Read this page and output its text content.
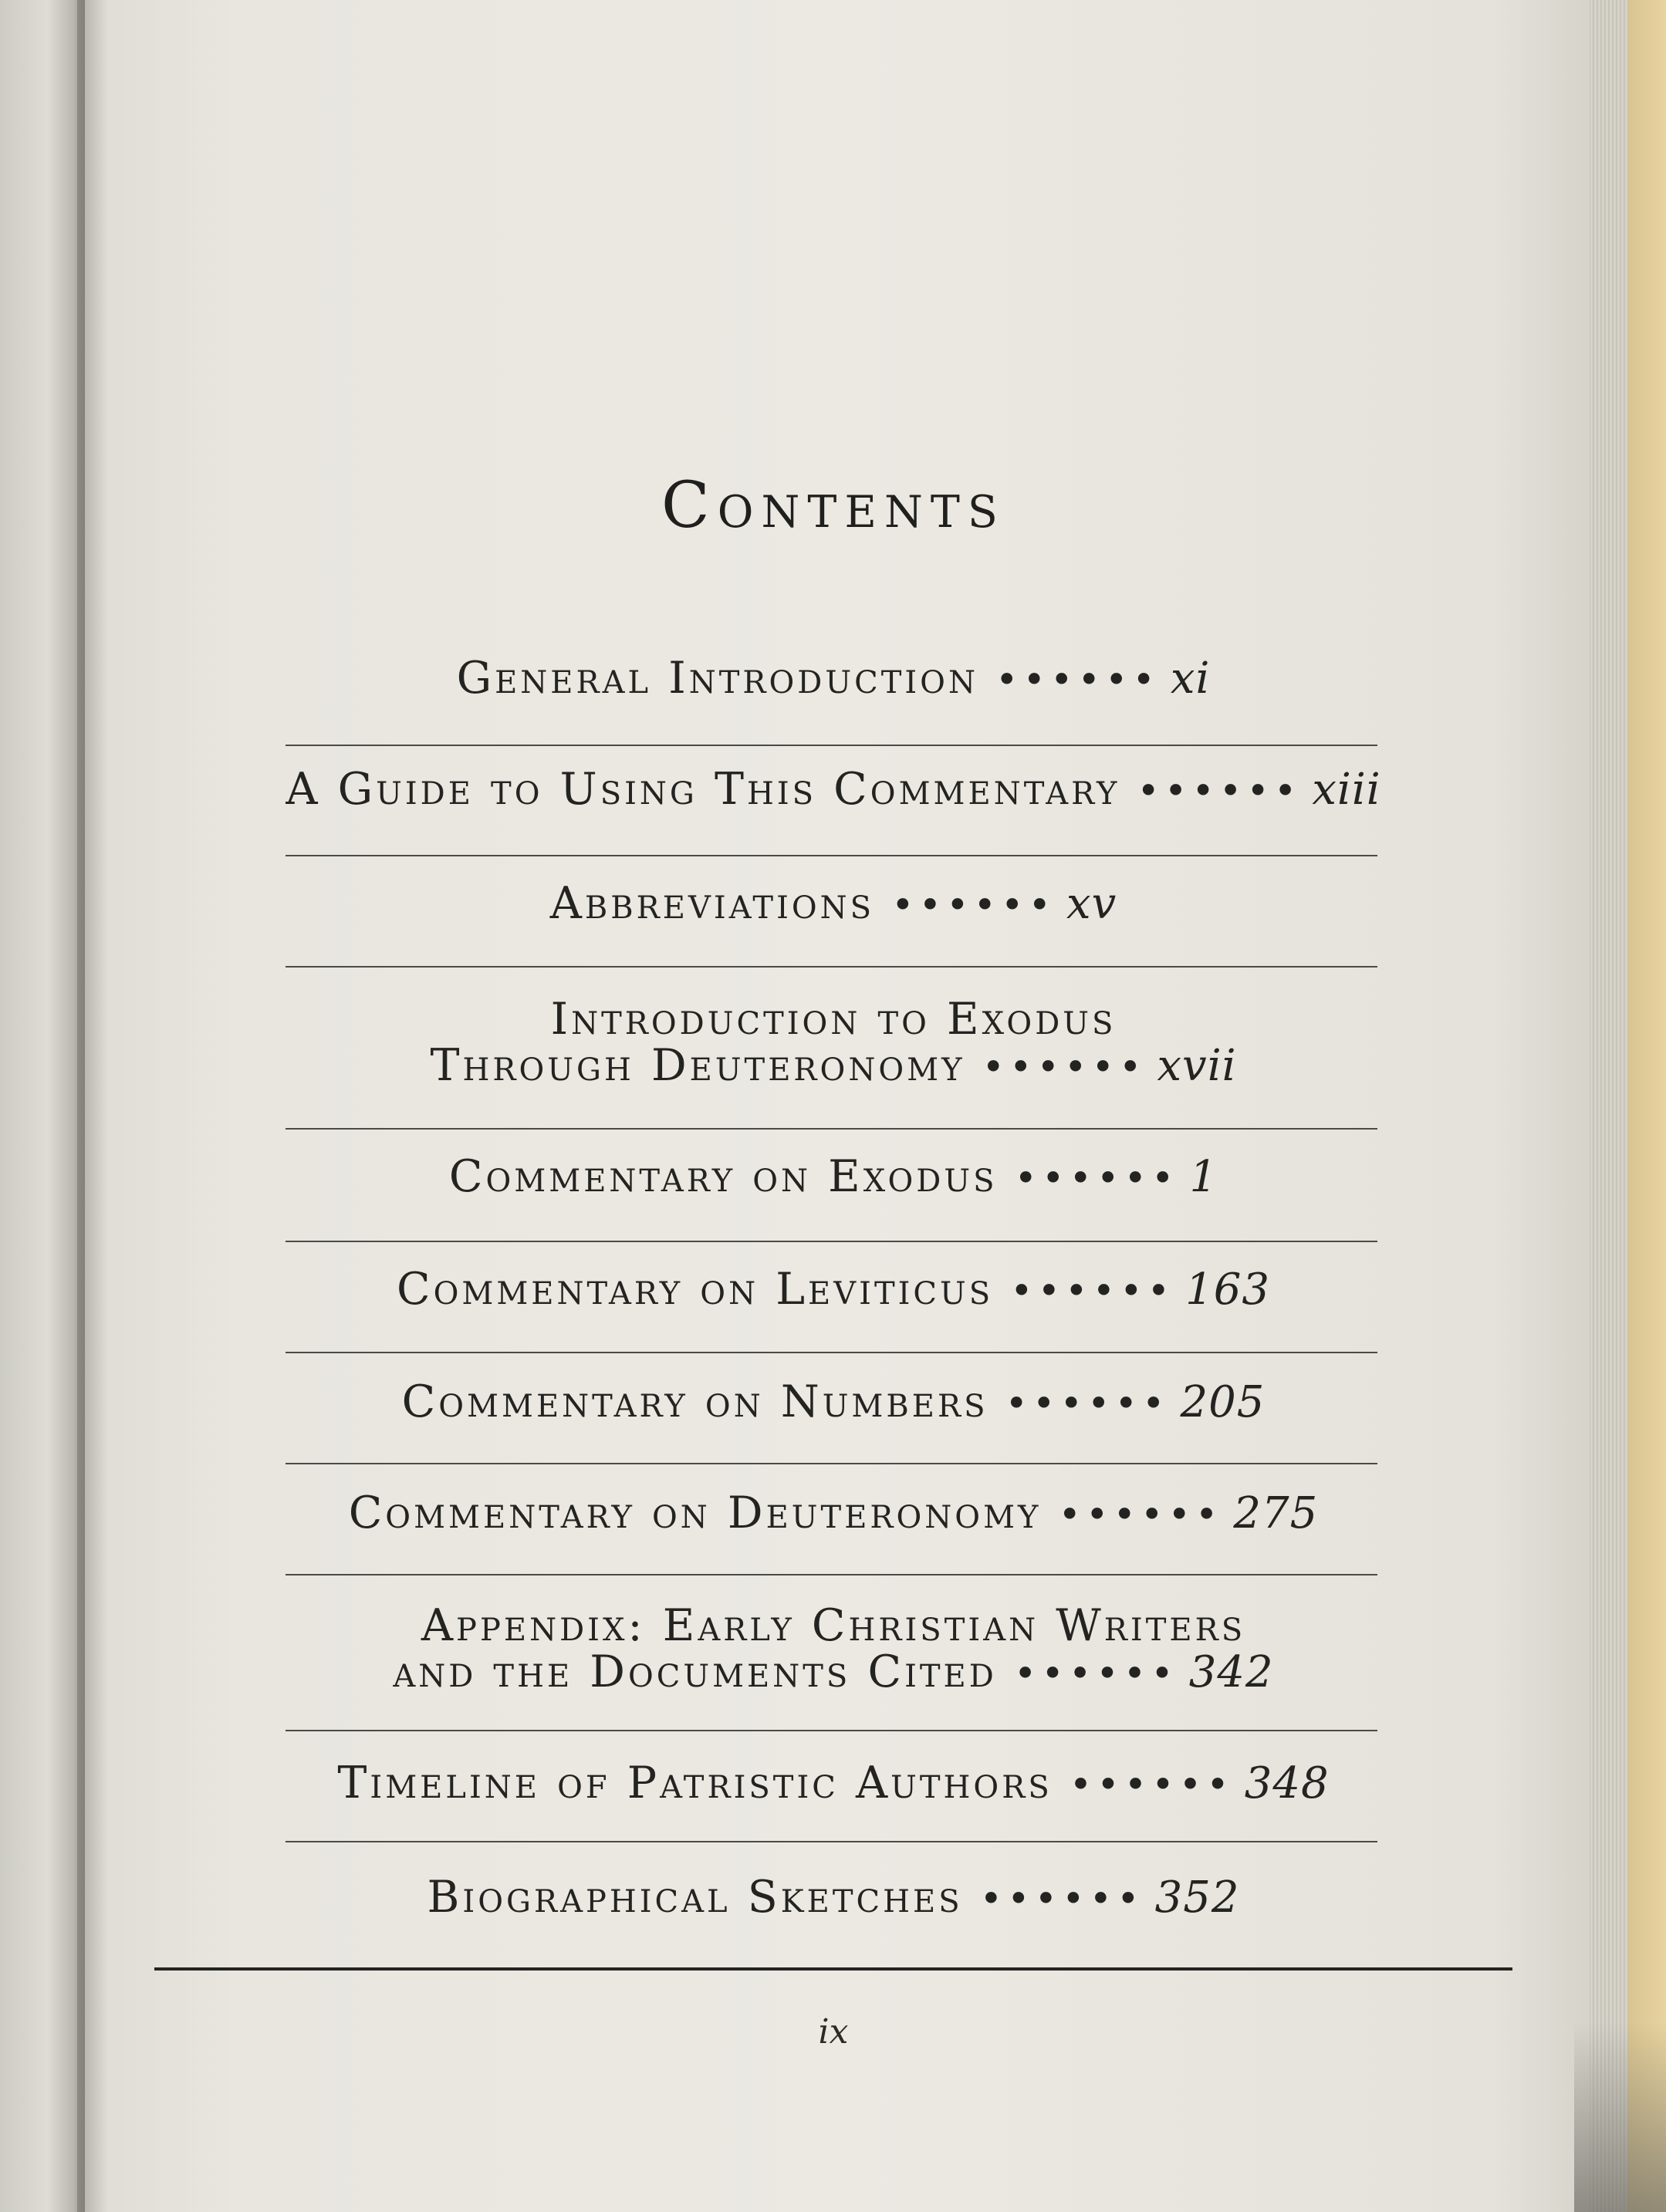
Contents
General Introduction •••••• xi
A Guide to Using This Commentary •••••• xiii
Abbreviations •••••• xv
Introduction to Exodus
Through Deuteronomy •••••• xvii
Commentary on Exodus •••••• 1
Commentary on Leviticus •••••• 163
Commentary on Numbers •••••• 205
Commentary on Deuteronomy •••••• 275
Appendix: Early Christian Writers
and the Documents Cited •••••• 342
Timeline of Patristic Authors •••••• 348
Biographical Sketches •••••• 352
ix
